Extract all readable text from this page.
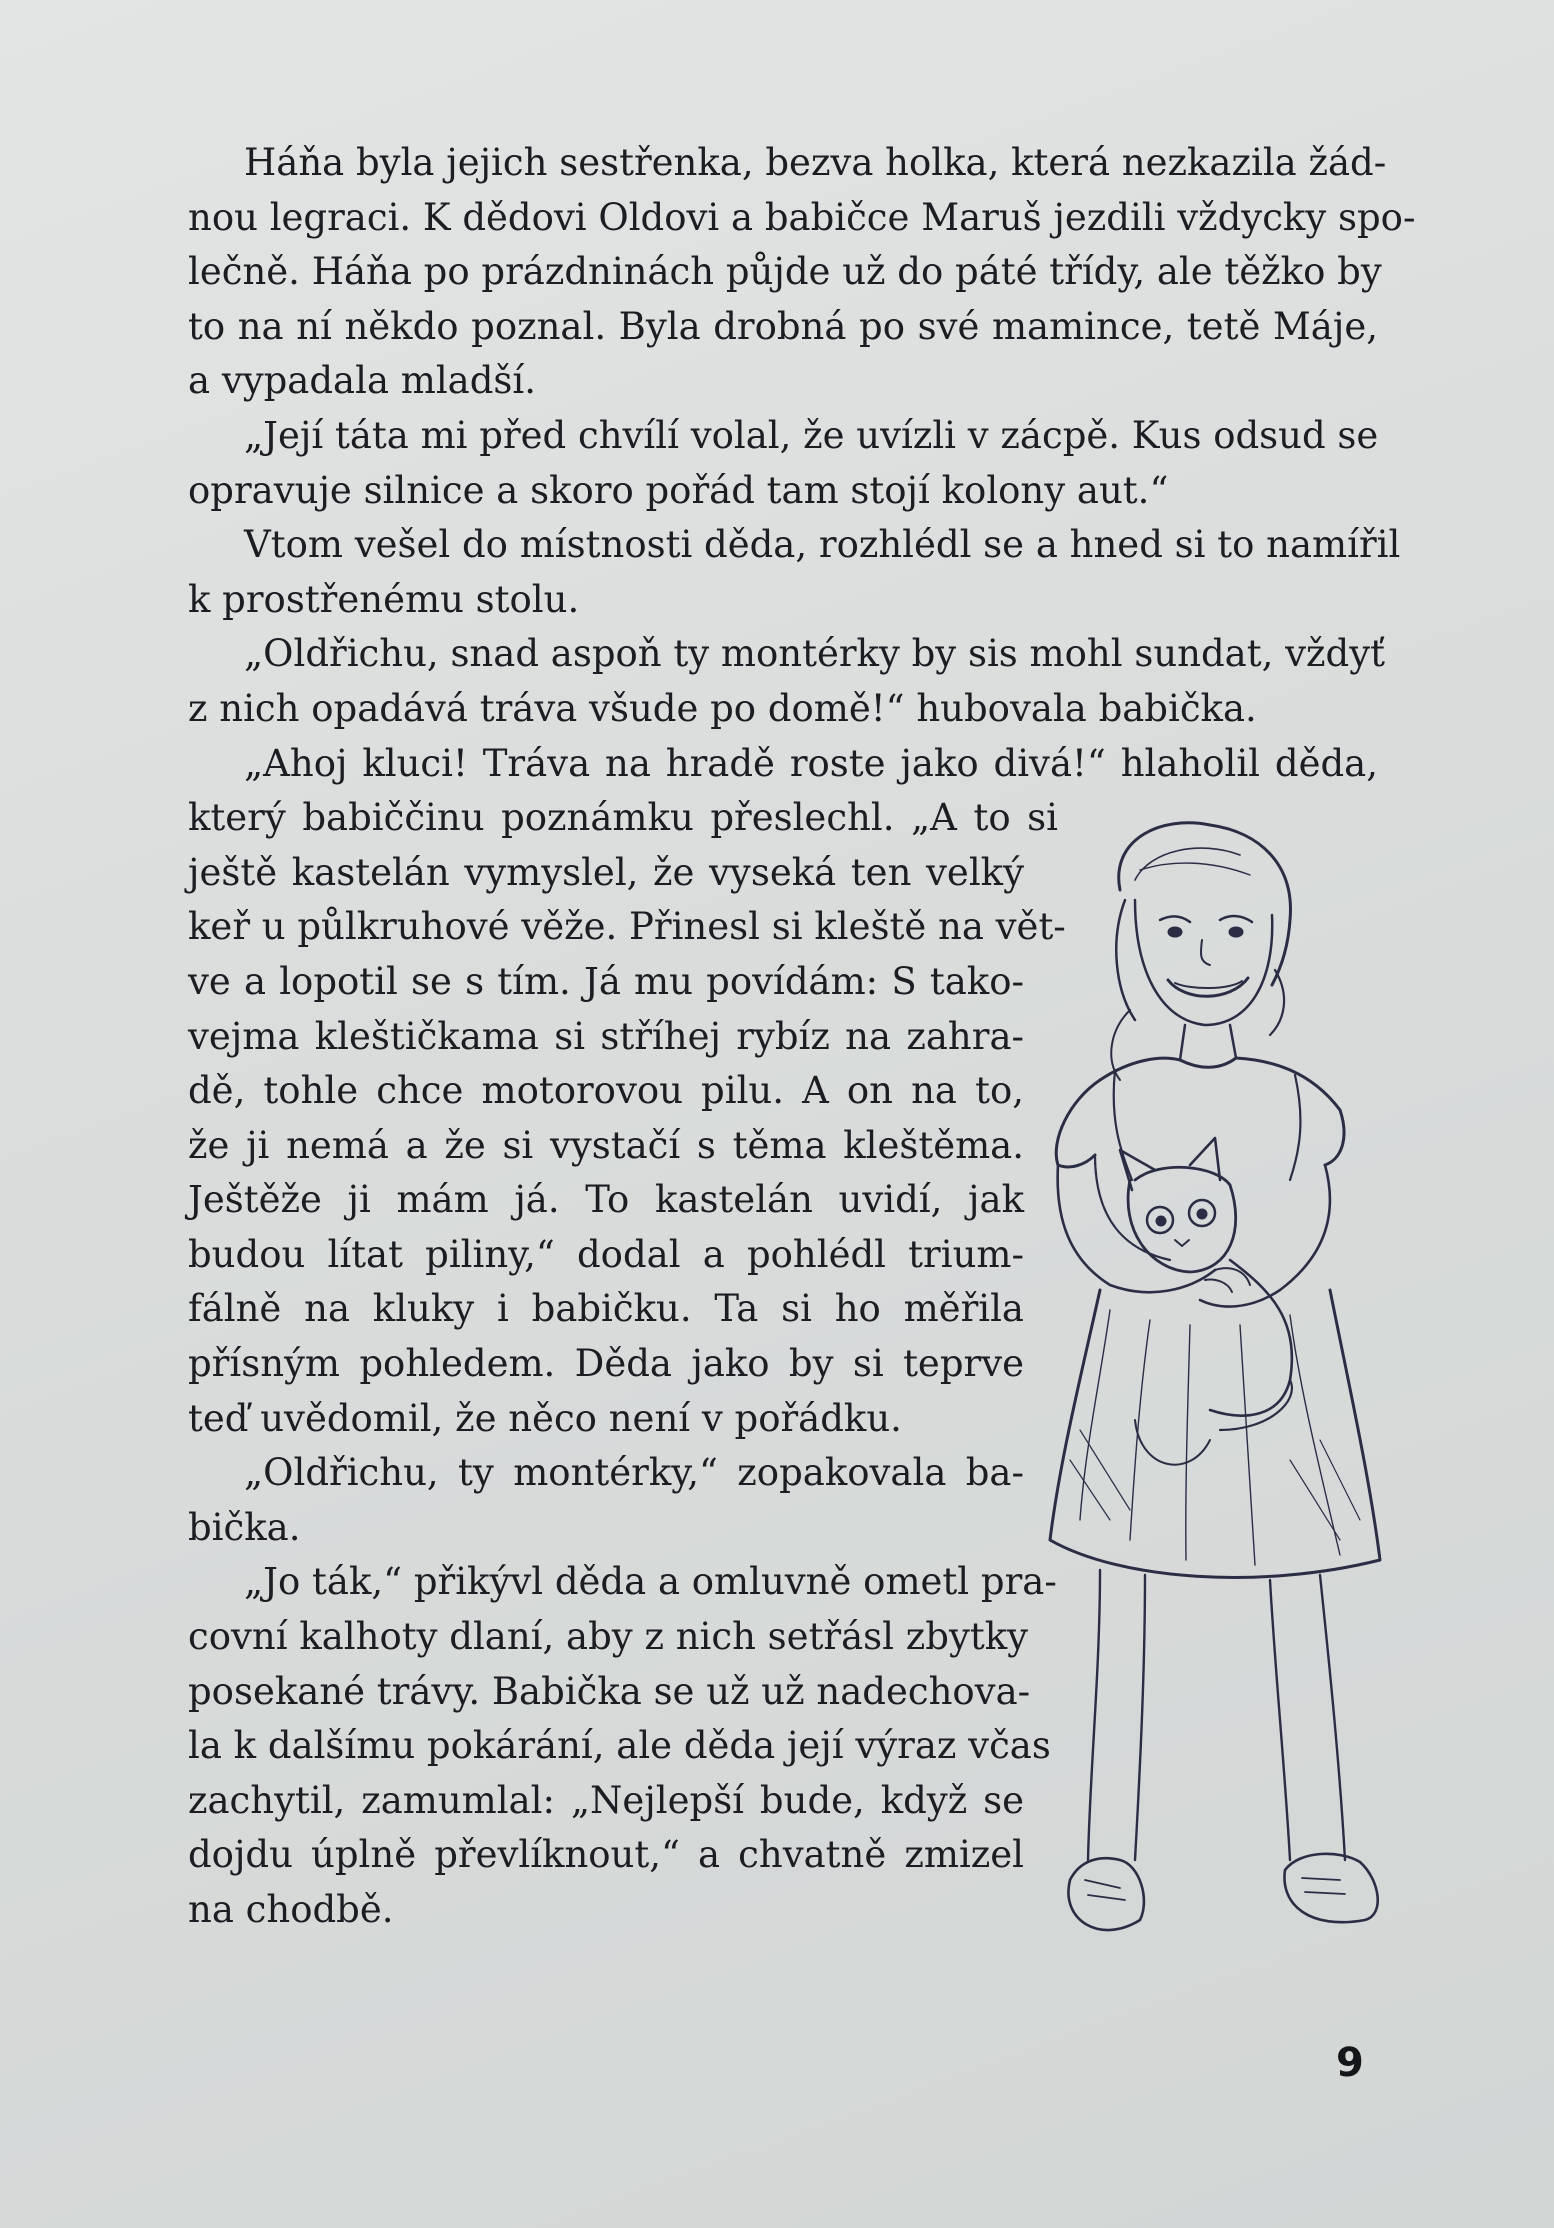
Háňa byla jejich sestřenka, bezva holka, která nezkazila žád-
nou legraci. K dědovi Oldovi a babičce Maruš jezdili vždycky spo-
lečně. Háňa po prázdninách půjde už do páté třídy, ale těžko by
to na ní někdo poznal. Byla drobná po své mamince, tetě Máje,
a vypadala mladší.
„Její táta mi před chvílí volal, že uvízli v zácpě. Kus odsud se
opravuje silnice a skoro pořád tam stojí kolony aut.“
Vtom vešel do místnosti děda, rozhlédl se a hned si to namířil
k prostřenému stolu.
„Oldřichu, snad aspoň ty montérky by sis mohl sundat, vždyť
z nich opadává tráva všude po domě!“ hubovala babička.
„Ahoj kluci! Tráva na hradě roste jako divá!“ hlaholil děda,
který babiččinu poznámku přeslechl. „A to si
ještě kastelán vymyslel, že vyseká ten velký
keř u půlkruhové věže. Přinesl si kleště na vět-
ve a lopotil se s tím. Já mu povídám: S tako-
vejma kleštičkama si stříhej rybíz na zahra-
dě, tohle chce motorovou pilu. A on na to,
že ji nemá a že si vystačí s těma kleštěma.
Ještěže ji mám já. To kastelán uvidí, jak
budou lítat piliny,“ dodal a pohlédl trium-
fálně na kluky i babičku. Ta si ho měřila
přísným pohledem. Děda jako by si teprve
teď uvědomil, že něco není v pořádku.
„Oldřichu, ty montérky,“ zopakovala ba-
bička.
„Jo ták,“ přikývl děda a omluvně ometl pra-
covní kalhoty dlaní, aby z nich setřásl zbytky
posekané trávy. Babička se už už nadechova-
la k dalšímu pokárání, ale děda její výraz včas
zachytil, zamumlal: „Nejlepší bude, když se
dojdu úplně převlíknout,“ a chvatně zmizel
na chodbě.
9
